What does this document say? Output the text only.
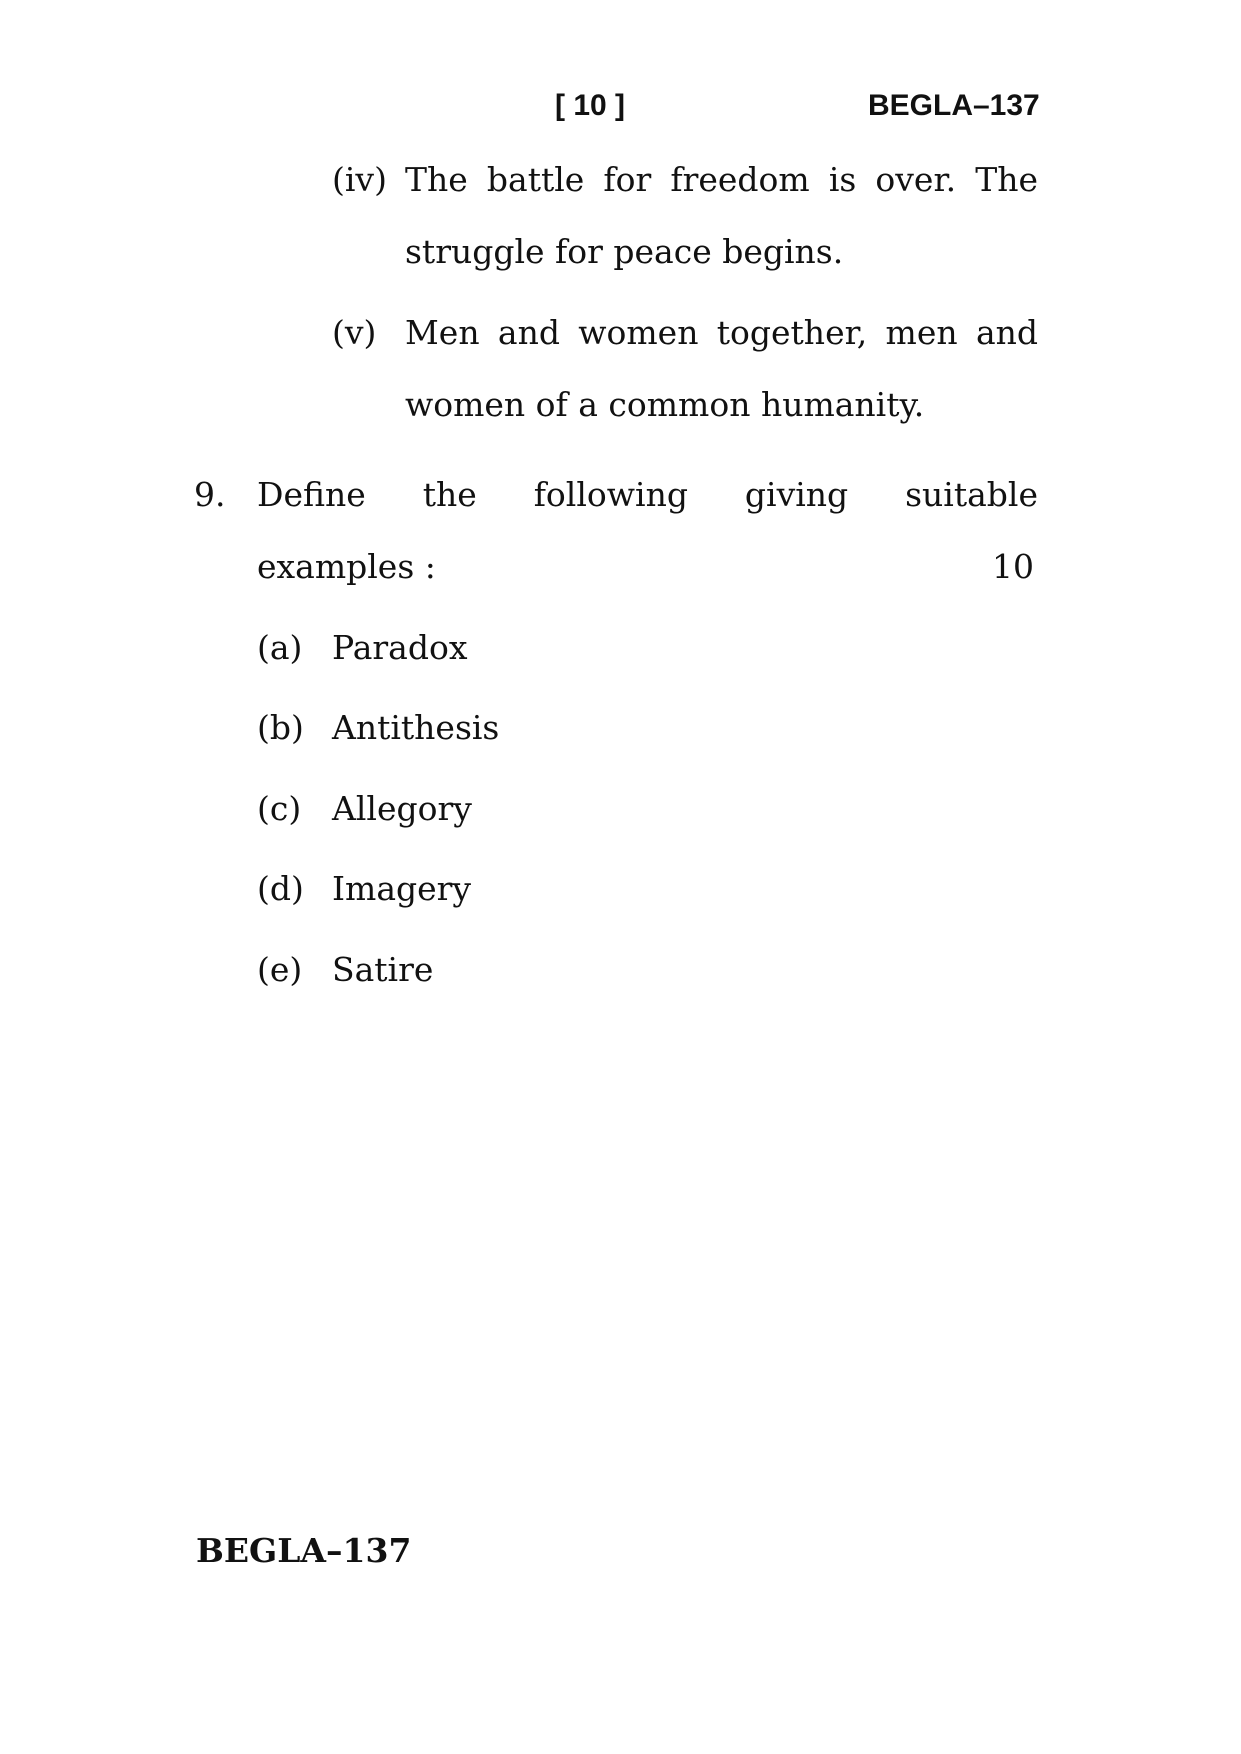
[ 10 ]	BEGLA–137
(iv) The battle for freedom is over. The
struggle for peace begins.
(v) Men and women together, men and
women of a common humanity.
9. Define the following giving suitable
examples :	10
(a) Paradox
(b) Antithesis
(c) Allegory
(d) Imagery
(e) Satire
BEGLA–137
